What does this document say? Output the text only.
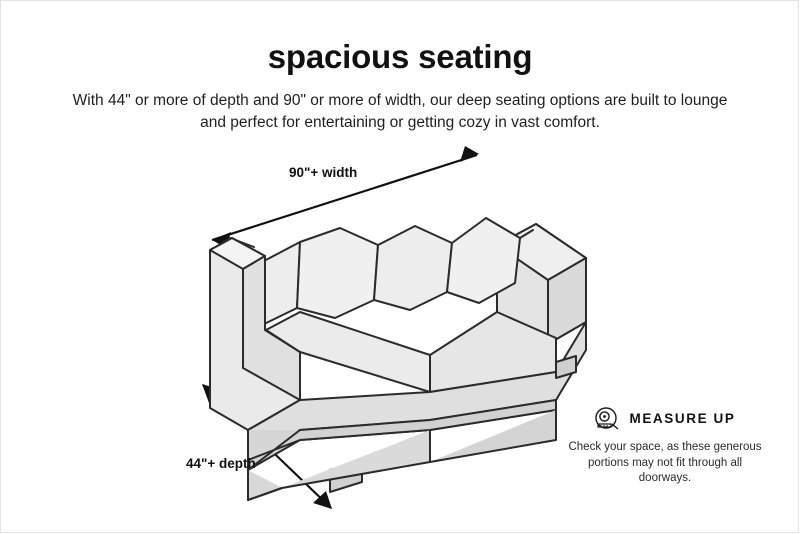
spacious seating
With 44" or more of depth and 90" or more of width, our deep seating options are built to lounge and perfect for entertaining or getting cozy in vast comfort.
90"+ width
44"+ depth
MEASURE UP
Check your space, as these generous portions may not fit through all doorways.
